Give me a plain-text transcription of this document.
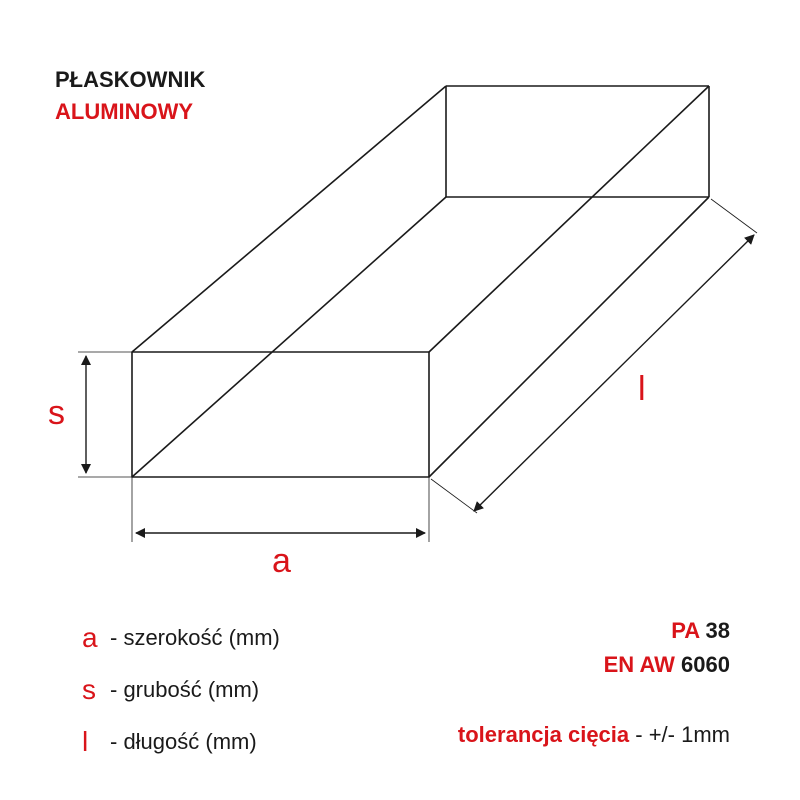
PŁASKOWNIK
ALUMINOWY
s
a
l
a - szerokość (mm)
s - grubość (mm)
l - długość (mm)
PA 38
EN AW 6060
tolerancja cięcia - +/- 1mm
